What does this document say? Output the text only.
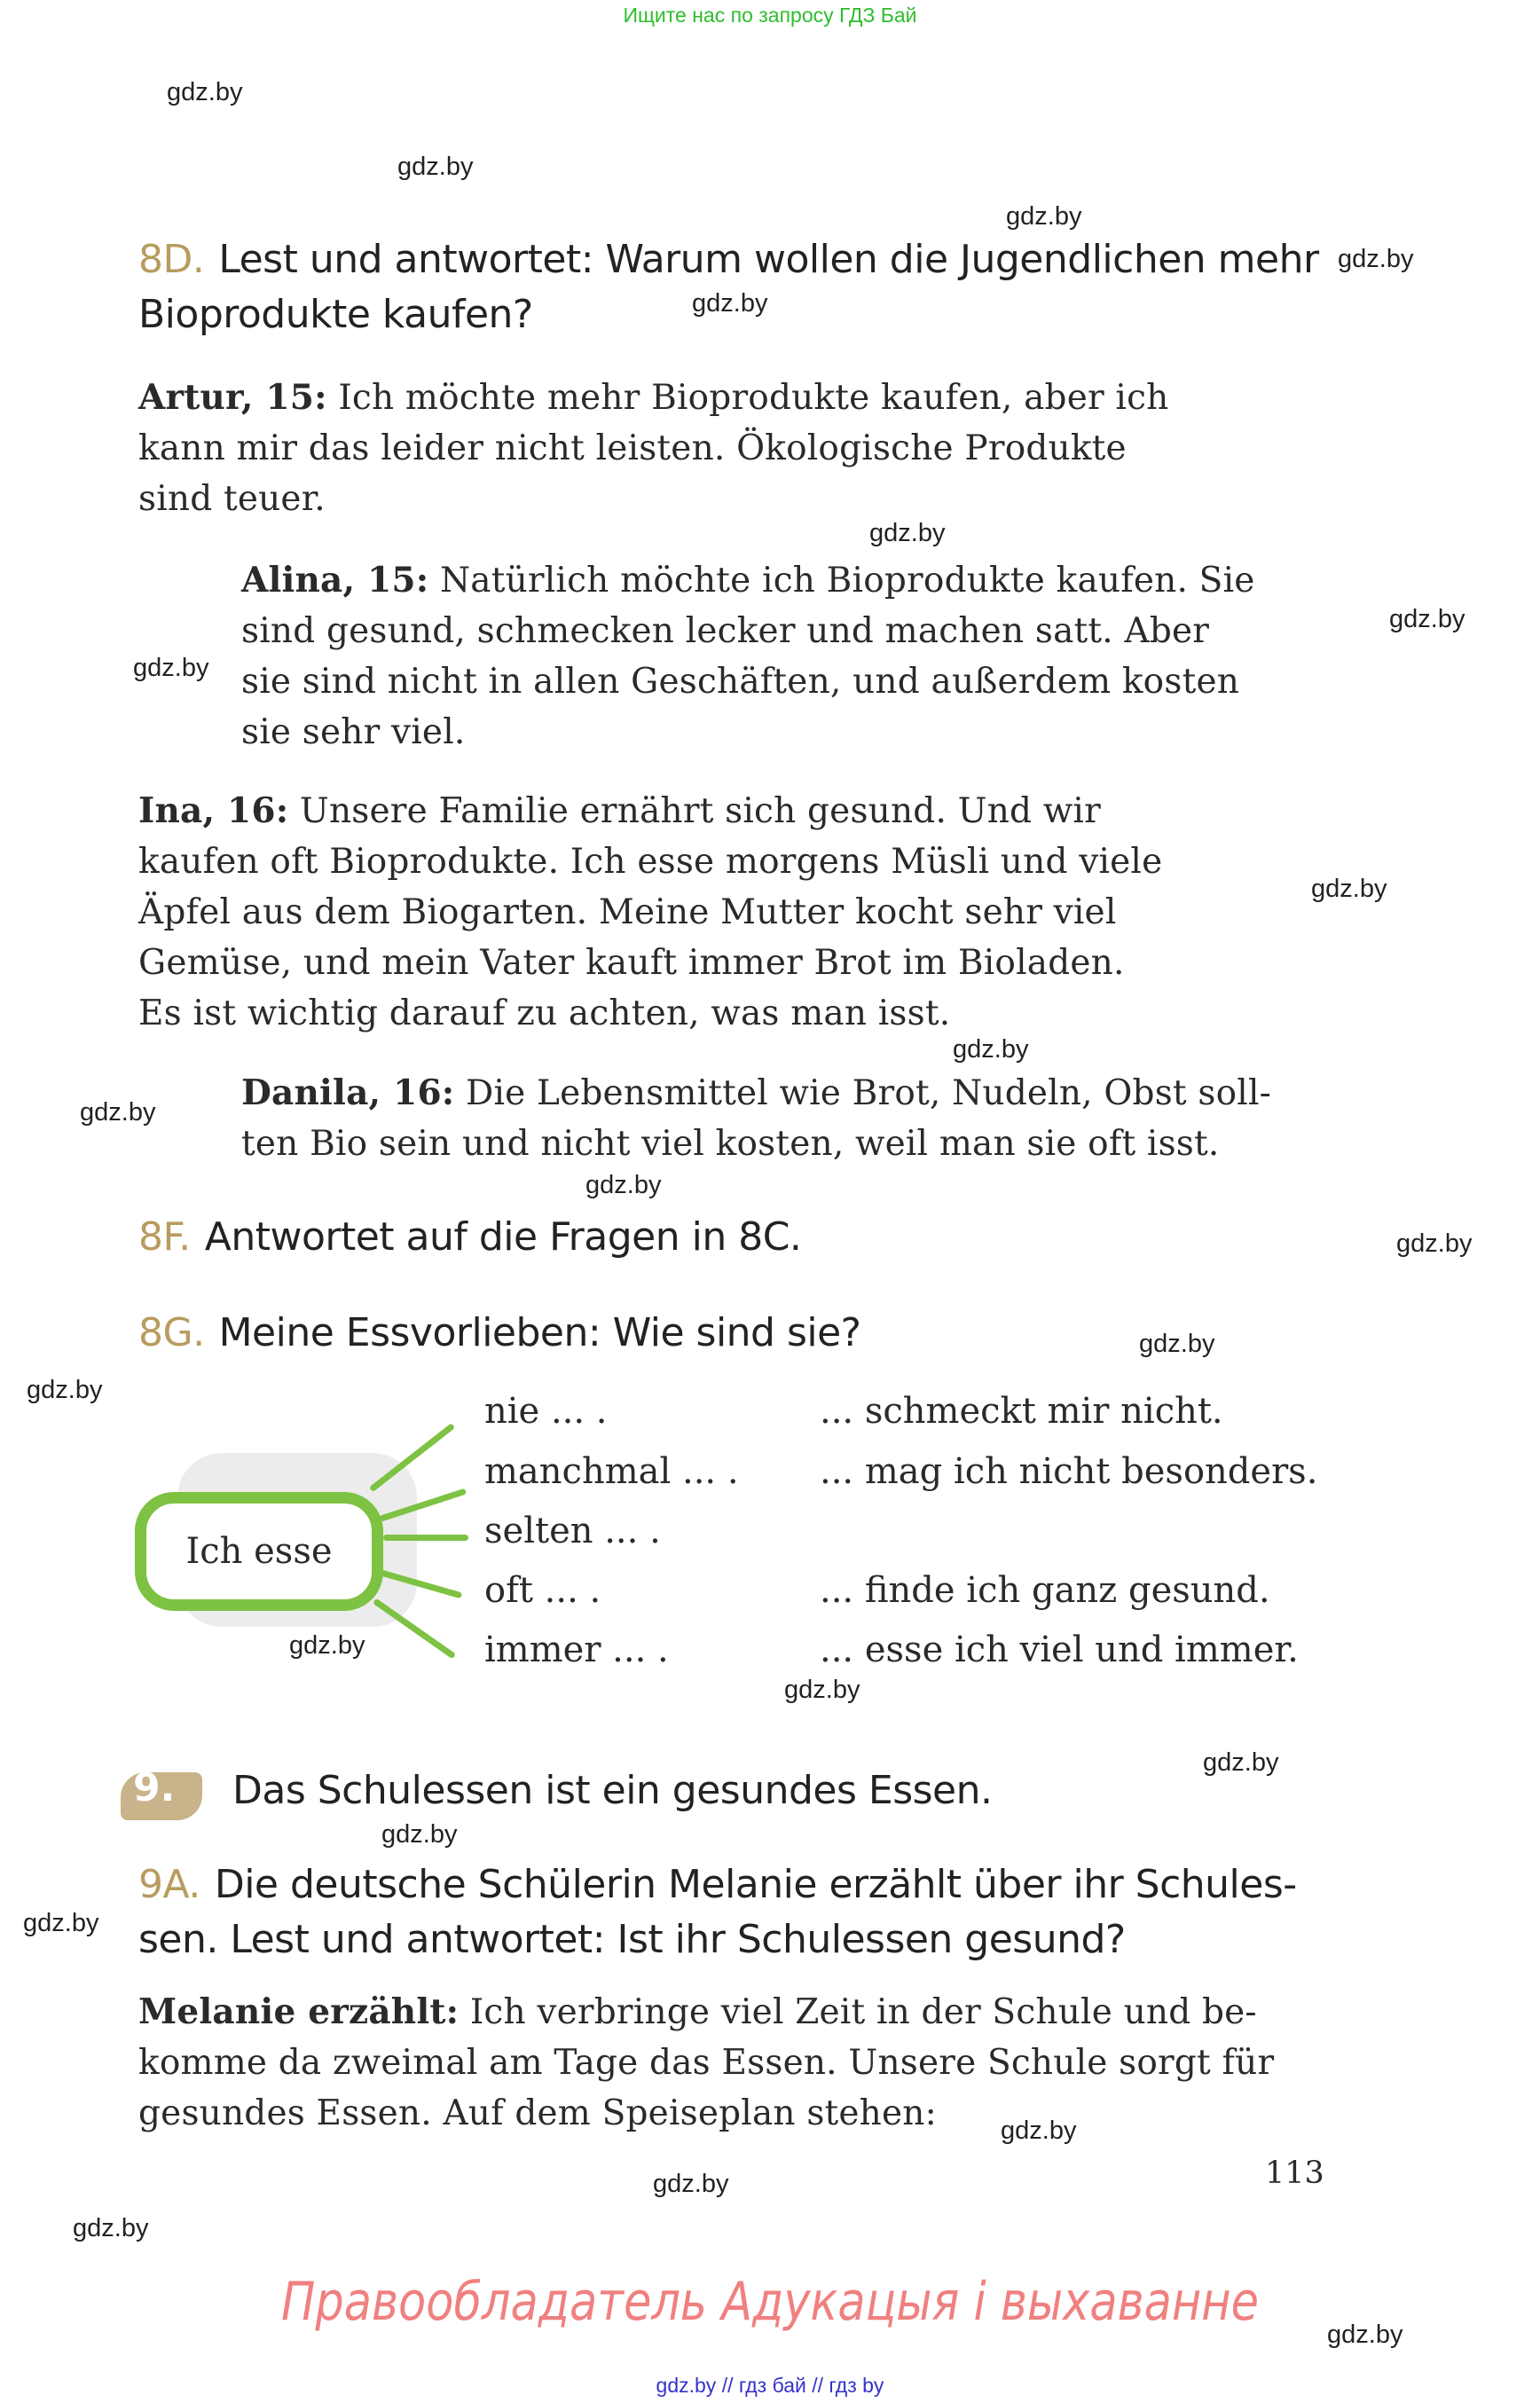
Ищите нас по запросу ГДЗ Бай
gdz.by
gdz.by
gdz.by
gdz.by
gdz.by
gdz.by
gdz.by
gdz.by
gdz.by
gdz.by
gdz.by
gdz.by
gdz.by
gdz.by
gdz.by
gdz.by
gdz.by
gdz.by
gdz.by
gdz.by
gdz.by
gdz.by
gdz.by
gdz.by
8D. Lest und antwortet: Warum wollen die Jugendlichen mehr
Bioprodukte kaufen?
Artur, 15: Ich möchte mehr Bioprodukte kaufen, aber ich
kann mir das leider nicht leisten. Ökologische Produkte
sind teuer.
Alina, 15: Natürlich möchte ich Bioprodukte kaufen. Sie
sind gesund, schmecken lecker und machen satt. Aber
sie sind nicht in allen Geschäften, und außerdem kosten
sie sehr viel.
Ina, 16: Unsere Familie ernährt sich gesund. Und wir
kaufen oft Bioprodukte. Ich esse morgens Müsli und viele
Äpfel aus dem Biogarten. Meine Mutter kocht sehr viel
Gemüse, und mein Vater kauft immer Brot im Bioladen.
Es ist wichtig darauf zu achten, was man isst.
Danila, 16: Die Lebensmittel wie Brot, Nudeln, Obst soll-
ten Bio sein und nicht viel kosten, weil man sie oft isst.
8F. Antwortet auf die Fragen in 8C.
8G. Meine Essvorlieben: Wie sind sie?
Ich esse
nie ... .
manchmal ... .
selten ... .
oft ... .
immer ... .
... schmeckt mir nicht.
... mag ich nicht besonders.
... finde ich ganz gesund.
... esse ich viel und immer.
9. Das Schulessen ist ein gesundes Essen.
9A. Die deutsche Schülerin Melanie erzählt über ihr Schules-
sen. Lest und antwortet: Ist ihr Schulessen gesund?
Melanie erzählt: Ich verbringe viel Zeit in der Schule und be-
komme da zweimal am Tage das Essen. Unsere Schule sorgt für
gesundes Essen. Auf dem Speiseplan stehen:
113
Правообладатель Адукацыя і выхаванне
gdz.by // гдз бай // гдз by
